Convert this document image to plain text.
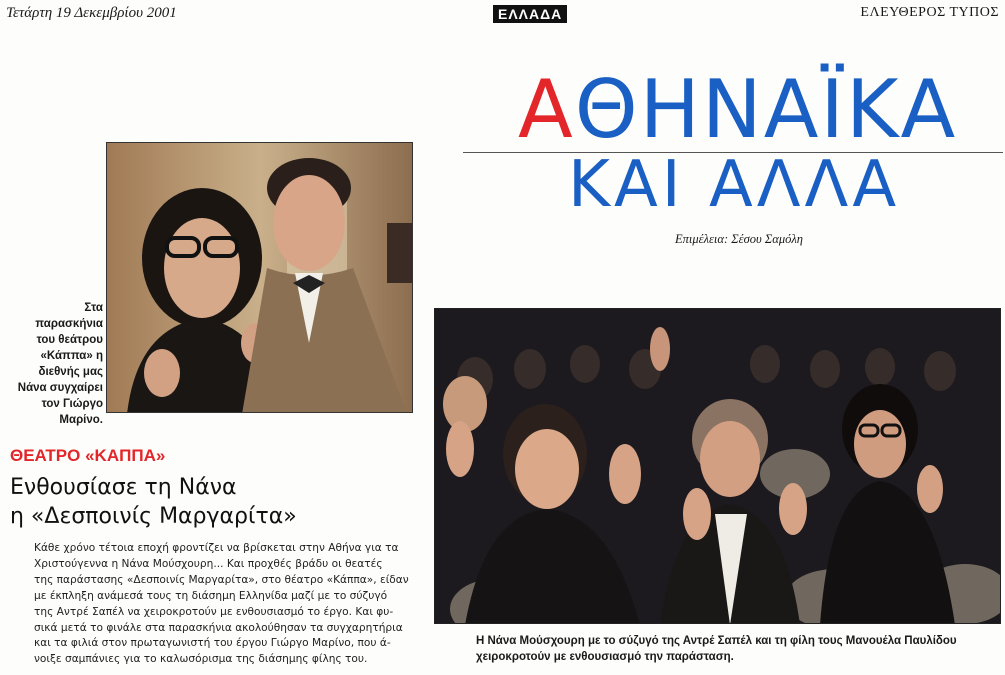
Τετάρτη 19 Δεκεμβρίου 2001	ΕΛΛΑΔΑ	ΕΛΕΥΘΕΡΟΣ ΤΥΠΟΣ
ΑΘΗΝΑΪΚΑ
ΚΑΙ ΑΛΛΑ
Επιμέλεια: Σέσου Σαμόλη
Στα
παρασκήνια
του θεάτρου
«Κάππα» η
διεθνής μας
Νάνα συγχαίρει
τον Γιώργο
Μαρίνο.
ΘΕΑΤΡΟ «ΚΑΠΠΑ»
Ενθουσίασε τη Νάνα
η «Δεσποινίς Μαργαρίτα»
Κάθε χρόνο τέτοια εποχή φροντίζει να βρίσκεται στην Αθήνα για τα
Χριστούγεννα η Νάνα Μούσχουρη... Και προχθές βράδυ οι θεατές
της παράστασης «Δεσποινίς Μαργαρίτα», στο θέατρο «Κάππα», είδαν
με έκπληξη ανάμεσά τους τη διάσημη Ελληνίδα μαζί με το σύζυγό
της Αντρέ Σαπέλ να χειροκροτούν με ενθουσιασμό το έργο. Και φυ-
σικά μετά το φινάλε στα παρασκήνια ακολούθησαν τα συγχαρητήρια
και τα φιλιά στον πρωταγωνιστή του έργου Γιώργο Μαρίνο, που ά-
νοιξε σαμπάνιες για το καλωσόρισμα της διάσημης φίλης του.
Η Νάνα Μούσχουρη με το σύζυγό της Αντρέ Σαπέλ και τη φίλη τους Μανουέλα Παυλίδου
χειροκροτούν με ενθουσιασμό την παράσταση.
